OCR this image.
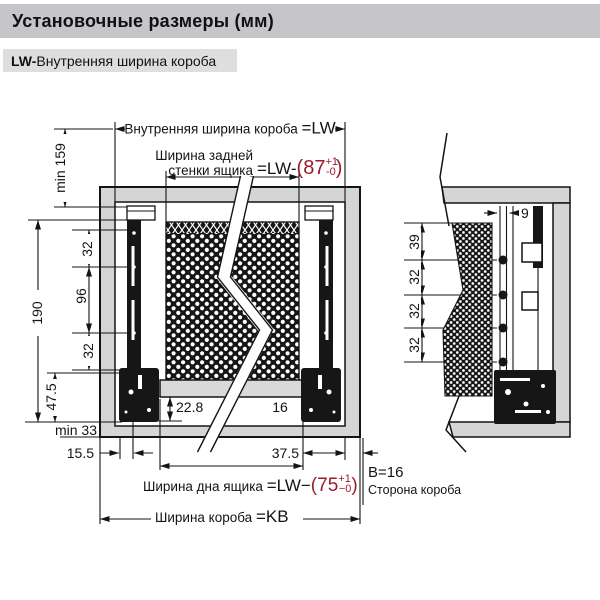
Установочные размеры (мм)
LW- Внутренняя ширина короба
Внутренняя ширина короба =LW
Ширина задней
стенки ящика $=LW-(87^{+1}$ -0)
min 159
32
96
32
190
47.5
min 33
15.5
22.8	16
37.5
Ширина дна ящика $=LW-(75^{+1} -0)$
Ширина короба =KB
B=16
Сторона короба
9
39
32
32
32
